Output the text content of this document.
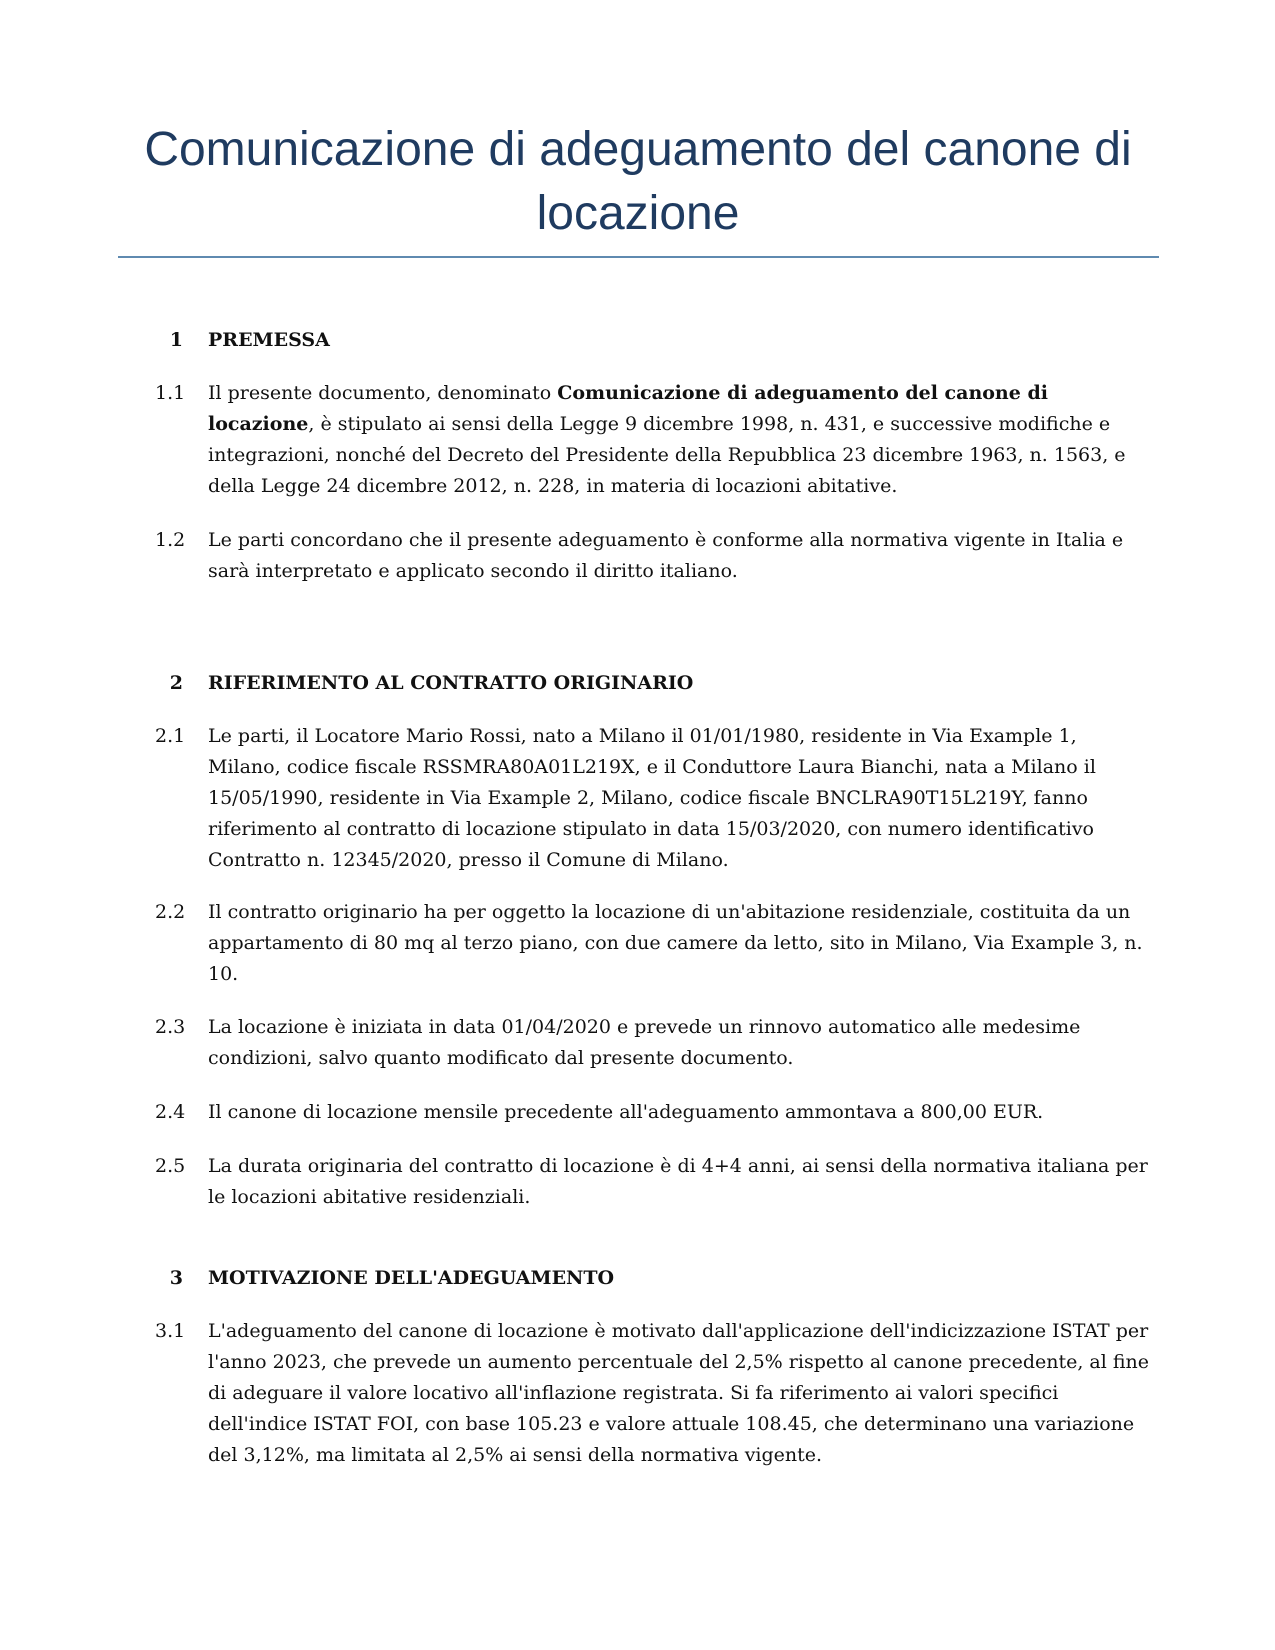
Comunicazione di adeguamento del canone di locazione
1	PREMESSA
1.1	Il presente documento, denominato Comunicazione di adeguamento del canone di locazione, è stipulato ai sensi della Legge 9 dicembre 1998, n. 431, e successive modifiche e integrazioni, nonché del Decreto del Presidente della Repubblica 23 dicembre 1963, n. 1563, e della Legge 24 dicembre 2012, n. 228, in materia di locazioni abitative.
1.2	Le parti concordano che il presente adeguamento è conforme alla normativa vigente in Italia e sarà interpretato e applicato secondo il diritto italiano.
2	RIFERIMENTO AL CONTRATTO ORIGINARIO
2.1	Le parti, il Locatore Mario Rossi, nato a Milano il 01/01/1980, residente in Via Example 1, Milano, codice fiscale RSSMRA80A01L219X, e il Conduttore Laura Bianchi, nata a Milano il 15/05/1990, residente in Via Example 2, Milano, codice fiscale BNCLRA90T15L219Y, fanno riferimento al contratto di locazione stipulato in data 15/03/2020, con numero identificativo Contratto n. 12345/2020, presso il Comune di Milano.
2.2	Il contratto originario ha per oggetto la locazione di un'abitazione residenziale, costituita da un appartamento di 80 mq al terzo piano, con due camere da letto, sito in Milano, Via Example 3, n. 10.
2.3	La locazione è iniziata in data 01/04/2020 e prevede un rinnovo automatico alle medesime condizioni, salvo quanto modificato dal presente documento.
2.4	Il canone di locazione mensile precedente all'adeguamento ammontava a 800,00 EUR.
2.5	La durata originaria del contratto di locazione è di 4+4 anni, ai sensi della normativa italiana per le locazioni abitative residenziali.
3	MOTIVAZIONE DELL'ADEGUAMENTO
3.1	L'adeguamento del canone di locazione è motivato dall'applicazione dell'indicizzazione ISTAT per l'anno 2023, che prevede un aumento percentuale del 2,5% rispetto al canone precedente, al fine di adeguare il valore locativo all'inflazione registrata. Si fa riferimento ai valori specifici dell'indice ISTAT FOI, con base 105.23 e valore attuale 108.45, che determinano una variazione del 3,12%, ma limitata al 2,5% ai sensi della normativa vigente.
